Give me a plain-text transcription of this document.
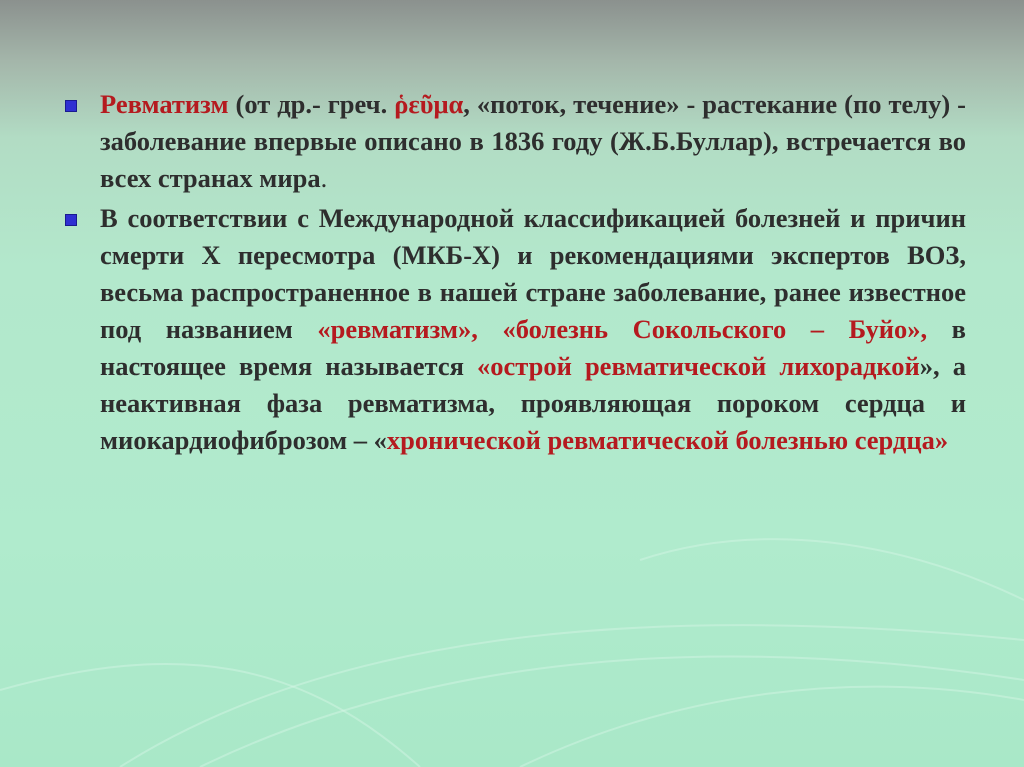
Ревматизм (от др.- греч. ῥεῦμα, «поток, течение» - растекание (по телу) - заболевание впервые описано в 1836 году (Ж.Б.Буллар), встречается во всех странах мира.

В соответствии с Международной классификацией болезней и причин смерти Х пересмотра (МКБ-Х) и рекомендациями экспертов ВОЗ, весьма распространенное в нашей стране заболевание, ранее известное под названием «ревматизм», «болезнь Сокольского – Буйо», в настоящее время называется «острой ревматической лихорадкой», а неактивная фаза ревматизма, проявляющая пороком сердца и миокардиофиброзом – «хронической ревматической болезнью сердца»
